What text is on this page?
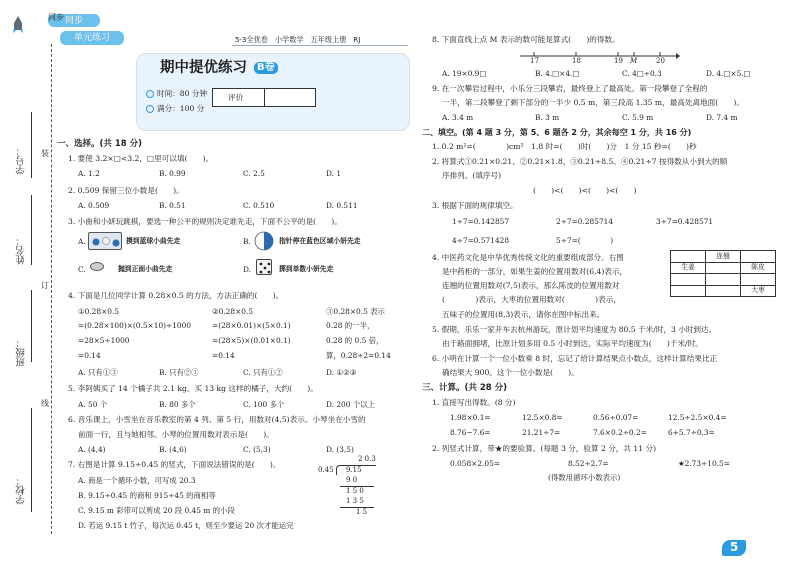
装
订
线
学号：
姓名：
班级：
学校：
同步 同步
单元练习	5·3全优卷 小学数学 五年级上册 RJ
期中提优练习	B卷
时间：80 分钟
满分：100 分
评价
一、选择。(共 18 分)
1. 要使 3.2×□<3.2，□里可以填(　　)。
A. 1.2	B. 0.99	C. 2.5	D. 1
2. 0.509 保留三位小数是(　　)。
A. 0.509	B. 0.51	C. 0.510	D. 0.511
3. 小曲和小妍玩跳棋，要选一种公平的规则决定谁先走，下面不公平的是(　　)。
A.	摸到蓝球小曲先走	B.	指针停在蓝色区域小妍先走
C.	抛到正面小曲先走	D.	掷到单数小妍先走
4. 下面是几位同学计算 0.28×0.5 的方法，方法正确的(　　)。
①0.28×0.5
=(0.28×100)×(0.5×10)÷1000
=28×5÷1000
=0.14
②0.28×0.5
=(28×0.01)×(5×0.1)
=(28×5)×(0.01×0.1)
=0.14
③0.28×0.5 表示
0.28 的一半，
0.28 的 0.5 倍，
算，0.28÷2=0.14
A. 只有①③	B. 只有②③	C. 只有①②	D. ①②③
5. 李阿姨买了 14 个橘子共 2.1 kg。买 13 kg 这样的橘子，大约(　　)。
A. 50 个	B. 80 多个	C. 100 多个	D. 200 个以上
6. 音乐课上，小雪坐在音乐教室的第 4 列、第 5 行，用数对(4,5)表示。小琴坐在小雪的
前面一行，且与她相邻。小琴的位置用数对表示是(　　)。
A. (4,4)	B. (4,6)	C. (5,3)	D. (3,5)
7. 右图是计算 9.15÷0.45 的竖式，下面说法错误的是(　　)。
A. 商是一个循环小数，可写成 20.3̇
B. 9.15÷0.45 的商和 915÷45 的商相等
C. 9.15 m 彩带可以剪成 20 段 0.45 m 的小段
D. 若运 9.15 t 竹子，每次运 0.45 t，则至少要运 20 次才能运完
2 0.3
0.45 9.15
9 0
1 5 0
1 3 5
1 5
8. 下面直线上点 M 表示的数可能是算式(　　)的得数。
17	18	19 M	20
A. 19×0.9□	B. 4.□×4.□	C. 4□÷0.3	D. 4.□×5.□
9. 在一次攀岩过程中，小乐分三段攀岩，最终登上了最高处。第一段攀登了全程的
一半，第二段攀登了剩下部分的一半少 0.5 m，第三段高 1.35 m，最高处离地面(　　)。
A. 3.4 m	B. 3 m	C. 5.9 m	D. 7.4 m
二、填空。(第 4 题 3 分，第 5、6 题各 2 分，其余每空 1 分，共 16 分)
1. 0.2 m²=(　　　　)cm²　1.8 时=(　　)时(　　)分　1 分 15 秒=(　　)秒
2. 将算式①0.21×0.21、②0.21×1.8、③0.21÷8.5、④0.21÷7 按得数从小到大的顺
序排列。(填序号)
(　　)<(　　)<(　　)<(　　)
3. 根据下面的规律填空。
1÷7=0.142857	2÷7=0.285714	3÷7=0.428571
4÷7=0.571428	5÷7=(　　　　)
4. 中医药文化是中华优秀传统文化的重要组成部分。右图
是中药柜的一部分，如果生姜的位置用数对(6,4)表示，
连翘的位置用数对(7,5)表示，那么陈皮的位置用数对
(　　　　)表示，大枣的位置用数对(　　　　)表示，
五味子的位置用(8,3)表示，请你在图中标出来。
	连翘	
生姜		陈皮

		大枣
5. 假期，乐乐一家开车去杭州游玩，原计划平均速度为 80.5 千米/时，3 小时到达。
由于路面拥堵，比原计划多用 0.5 小时到达，实际平均速度为(　　)千米/时。
6. 小明在计算一个一位小数乘 8 时，忘记了给计算结果点小数点，这样计算结果比正
确结果大 900。这个一位小数是(　　)。
三、计算。(共 28 分)
1. 直接写出得数。(8 分)
1.98×0.1=	12.5×0.8=	0.56÷0.07=	12.5÷2.5×0.4=
8.76−7.6=	21.21÷7=	7.6×0.2÷0.2=	6+5.7÷0.3=
2. 列竖式计算，带★的要验算。(每题 3 分，验算 2 分，共 11 分)
0.058×2.05=	8.52÷2.7=	★2.73÷10.5=
(得数用循环小数表示)
5
